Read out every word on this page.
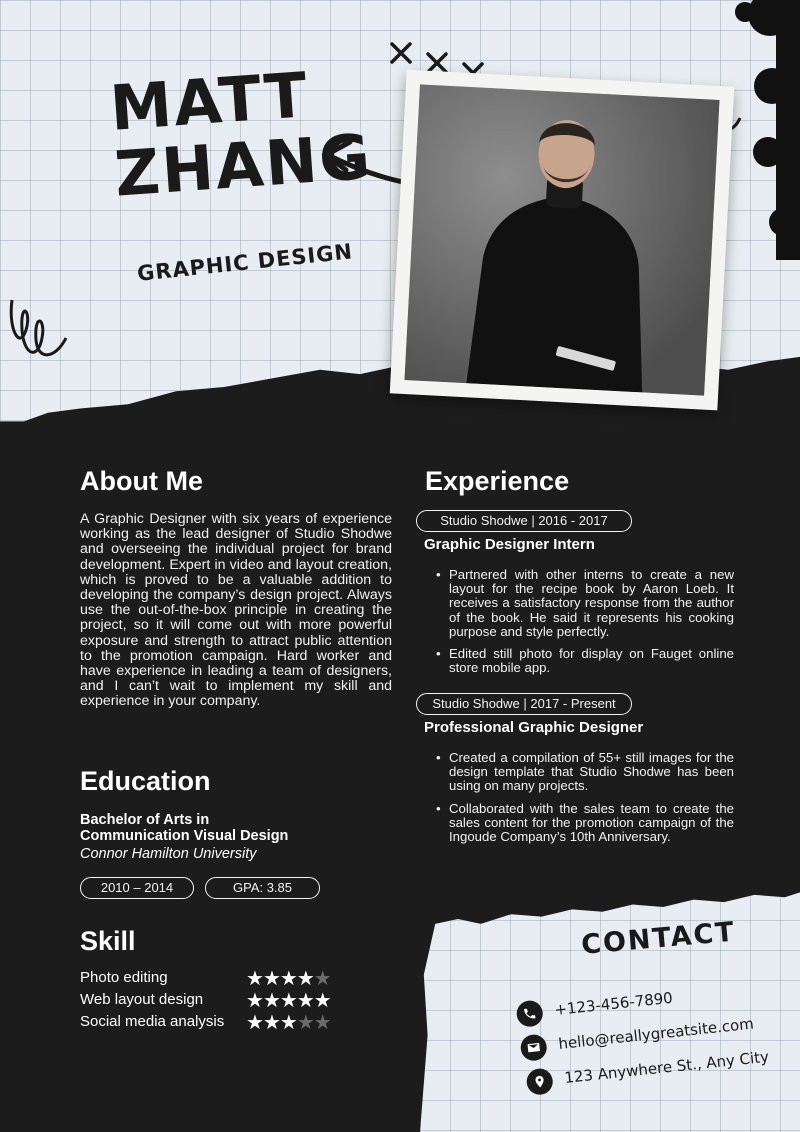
MATT
ZHANG
GRAPHIC DESIGN
About Me
A Graphic Designer with six years of experience working as the lead designer of Studio Shodwe and overseeing the individual project for brand development. Expert in video and layout creation, which is proved to be a valuable addition to developing the company’s design project. Always use the out-of-the-box principle in creating the project, so it will come out with more powerful exposure and strength to attract public attention to the promotion campaign. Hard worker and have experience in leading a team of designers, and I can’t wait to implement my skill and experience in your company.
Education
Bachelor of Arts in
Communication Visual Design
Connor Hamilton University
2010 – 2014	GPA: 3.85
Skill
Photo editing	★★★★★
Web layout design ★★★★★
Social media analysis ★★★★★
Experience
Studio Shodwe | 2016 - 2017
Graphic Designer Intern
• Partnered with other interns to create a new layout for the recipe book by Aaron Loeb. It receives a satisfactory response from the author of the book. He said it represents his cooking purpose and style perfectly.
• Edited still photo for display on Fauget online store mobile app.
Studio Shodwe | 2017 - Present
Professional Graphic Designer
• Created a compilation of 55+ still images for the design template that Studio Shodwe has been using on many projects.
• Collaborated with the sales team to create the sales content for the promotion campaign of the Ingoude Company’s 10th Anniversary.
CONTACT
+123-456-7890
hello@reallygreatsite.com
123 Anywhere St., Any City
